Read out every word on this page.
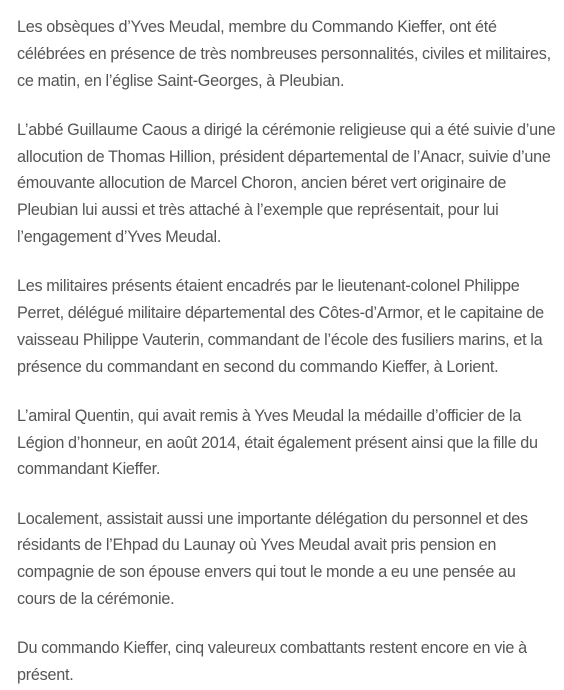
Les obsèques d’Yves Meudal, membre du Commando Kieffer, ont été célébrées en présence de très nombreuses personnalités, civiles et militaires, ce matin, en l’église Saint-Georges, à Pleubian.

L’abbé Guillaume Caous a dirigé la cérémonie religieuse qui a été suivie d’une allocution de Thomas Hillion, président départemental de l’Anacr, suivie d’une émouvante allocution de Marcel Choron, ancien béret vert originaire de Pleubian lui aussi et très attaché à l’exemple que représentait, pour lui l’engagement d’Yves Meudal.

Les militaires présents étaient encadrés par le lieutenant-colonel Philippe Perret, délégué militaire départemental des Côtes-d’Armor, et le capitaine de vaisseau Philippe Vauterin, commandant de l’école des fusiliers marins, et la présence du commandant en second du commando Kieffer, à Lorient.

L’amiral Quentin, qui avait remis à Yves Meudal la médaille d’officier de la Légion d’honneur, en août 2014, était également présent ainsi que la fille du commandant Kieffer.

Localement, assistait aussi une importante délégation du personnel et des résidants de l’Ehpad du Launay où Yves Meudal avait pris pension en compagnie de son épouse envers qui tout le monde a eu une pensée au cours de la cérémonie.

Du commando Kieffer, cinq valeureux combattants restent encore en vie à présent.
